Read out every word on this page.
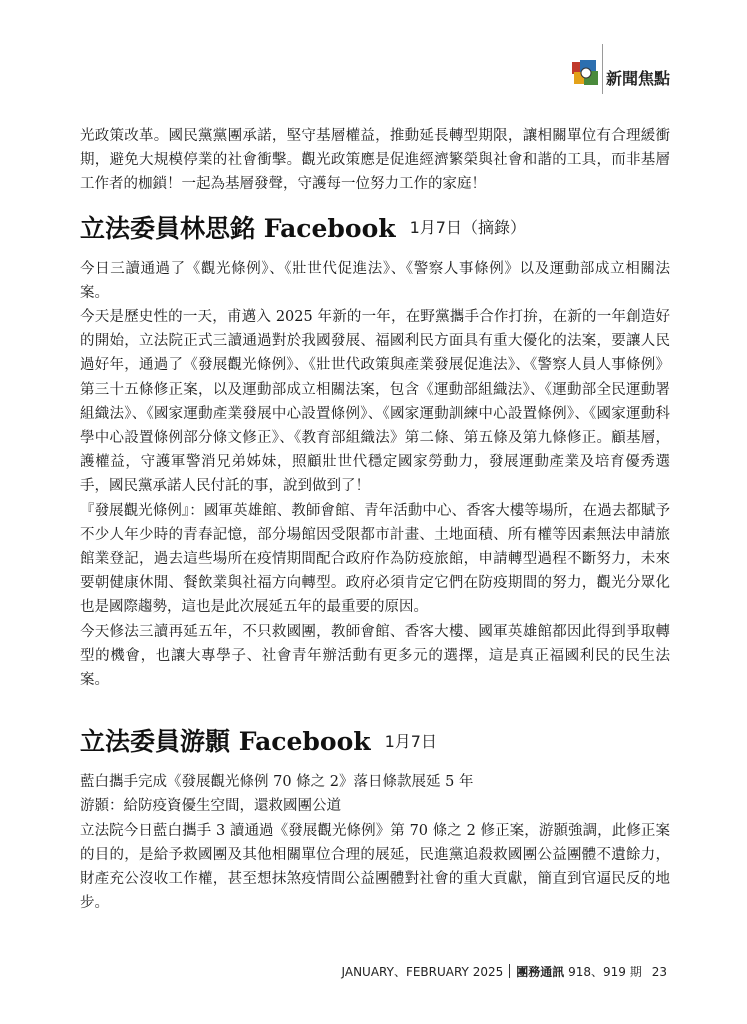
新聞焦點

光政策改革。國民黨黨團承諾，堅守基層權益，推動延長轉型期限，讓相關單位有合理緩衝期，避免大規模停業的社會衝擊。觀光政策應是促進經濟繁榮與社會和諧的工具，而非基層工作者的枷鎖！一起為基層發聲，守護每一位努力工作的家庭！

立法委員林思銘 Facebook 1月7日（摘錄）

今日三讀通過了《觀光條例》、《壯世代促進法》、《警察人事條例》以及運動部成立相關法案。

今天是歷史性的一天，甫邁入 2025 年新的一年，在野黨攜手合作打拚，在新的一年創造好的開始，立法院正式三讀通過對於我國發展、福國利民方面具有重大優化的法案，要讓人民過好年，通過了《發展觀光條例》、《壯世代政策與產業發展促進法》、《警察人員人事條例》第三十五條修正案，以及運動部成立相關法案，包含《運動部組織法》、《運動部全民運動署組織法》、《國家運動產業發展中心設置條例》、《國家運動訓練中心設置條例》、《國家運動科學中心設置條例部分條文修正》、《教育部組織法》第二條、第五條及第九條修正。顧基層，護權益，守護軍警消兄弟姊妹，照顧壯世代穩定國家勞動力，發展運動產業及培育優秀選手，國民黨承諾人民付託的事，說到做到了！

『發展觀光條例』：國軍英雄館、教師會館、青年活動中心、香客大樓等場所，在過去都賦予不少人年少時的青春記憶，部分場館因受限都市計畫、土地面積、所有權等因素無法申請旅館業登記，過去這些場所在疫情期間配合政府作為防疫旅館，申請轉型過程不斷努力，未來要朝健康休閒、餐飲業與社福方向轉型。政府必須肯定它們在防疫期間的努力，觀光分眾化也是國際趨勢，這也是此次展延五年的最重要的原因。

今天修法三讀再延五年，不只救國團，教師會館、香客大樓、國軍英雄館都因此得到爭取轉型的機會，也讓大專學子、社會青年辦活動有更多元的選擇，這是真正福國利民的民生法案。

立法委員游顥 Facebook 1月7日

藍白攜手完成《發展觀光條例 70 條之 2》落日條款展延 5 年

游顥：給防疫資優生空間，還救國團公道

立法院今日藍白攜手 3 讀通過《發展觀光條例》第 70 條之 2 修正案，游顥強調，此修正案的目的，是給予救國團及其他相關單位合理的展延，民進黨追殺救國團公益團體不遺餘力，財產充公沒收工作權，甚至想抹煞疫情間公益團體對社會的重大貢獻，簡直到官逼民反的地步。

JANUARY、FEBRUARY 2025 團務通訊 918、919 期 23
